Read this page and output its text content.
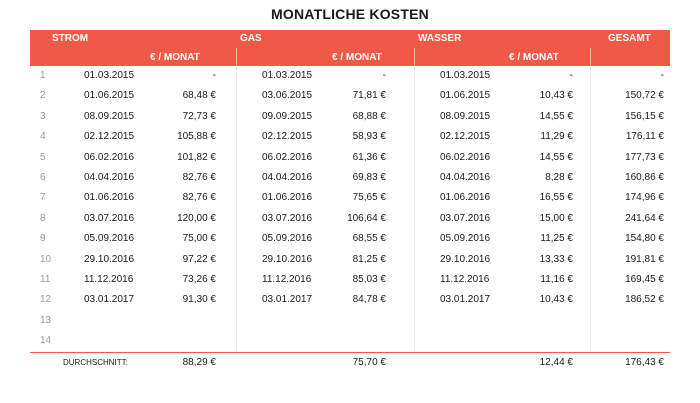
MONATLICHE KOSTEN
STROM	GAS	WASSER	GESAMT
€ / MONAT	€ / MONAT	€ / MONAT
1	01.03.2015	-	01.03.2015	-	01.03.2015	-	-
2	01.06.2015	68,48 €	03.06.2015	71,81 €	01.06.2015	10,43 €	150,72 €
3	08.09.2015	72,73 €	09.09.2015	68,88 €	08.09.2015	14,55 €	156,15 €
4	02.12.2015	105,88 €	02.12.2015	58,93 €	02.12.2015	11,29 €	176,11 €
5	06.02.2016	101,82 €	06.02.2016	61,36 €	06.02.2016	14,55 €	177,73 €
6	04.04.2016	82,76 €	04.04.2016	69,83 €	04.04.2016	8,28 €	160,86 €
7	01.06.2016	82,76 €	01.06.2016	75,65 €	01.06.2016	16,55 €	174,96 €
8	03.07.2016	120,00 €	03.07.2016	106,64 €	03.07.2016	15,00 €	241,64 €
9	05.09.2016	75,00 €	05.09.2016	68,55 €	05.09.2016	11,25 €	154,80 €
10	29.10.2016	97,22 €	29.10.2016	81,25 €	29.10.2016	13,33 €	191,81 €
11	11.12.2016	73,26 €	11.12.2016	85,03 €	11.12.2016	11,16 €	169,45 €
12	03.01.2017	91,30 €	03.01.2017	84,78 €	03.01.2017	10,43 €	186,52 €
13
14
DURCHSCHNITT:	88,29 €	75,70 €	12,44 €	176,43 €
